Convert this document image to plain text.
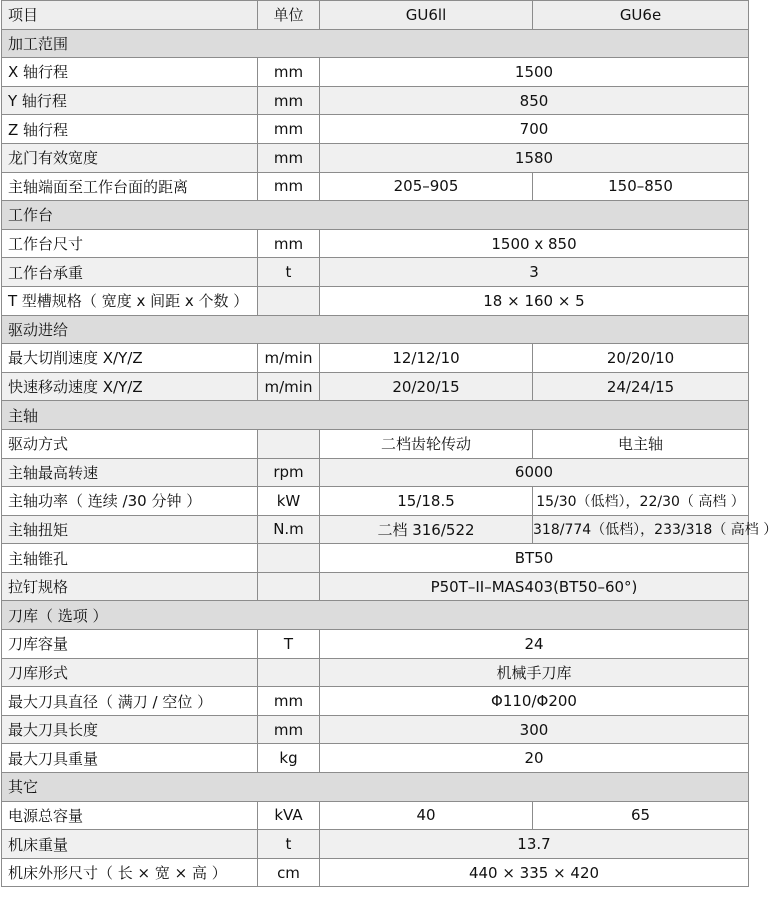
项目	单位	GU6ll	GU6e
加工范围			
X 轴行程	mm	1500	
Y 轴行程	mm	850	
Z 轴行程	mm	700	
龙门有效宽度	mm	1580	
主轴端面至工作台面的距离	mm	205–905	150–850
工作台			
工作台尺寸	mm	1500 x 850	
工作台承重	t	3	
T 型槽规格（ 宽度 x 间距 x 个数 ）		18 × 160 × 5	
驱动进给			
最大切削速度 X/Y/Z	m/min	12/12/10	20/20/10
快速移动速度 X/Y/Z	m/min	20/20/15	24/24/15
主轴			
驱动方式		二档齿轮传动	电主轴
主轴最高转速	rpm	6000	
主轴功率（ 连续 /30 分钟 ）	kW	15/18.5	15/30（低档），22/30（ 高档 ）
主轴扭矩	N.m	二档 316/522	318/774（低档），233/318（ 高档 ）
主轴锥孔		BT50	
拉钉规格		P50T–II–MAS403(BT50–60°)	
刀库（ 选项 ）			
刀库容量	T	24	
刀库形式		机械手刀库	
最大刀具直径（ 满刀 / 空位 ）	mm	Φ110/Φ200	
最大刀具长度	mm	300	
最大刀具重量	kg	20	
其它			
电源总容量	kVA	40	65
机床重量	t	13.7	
机床外形尺寸（ 长 × 宽 × 高 ）	cm	440 × 335 × 420	
